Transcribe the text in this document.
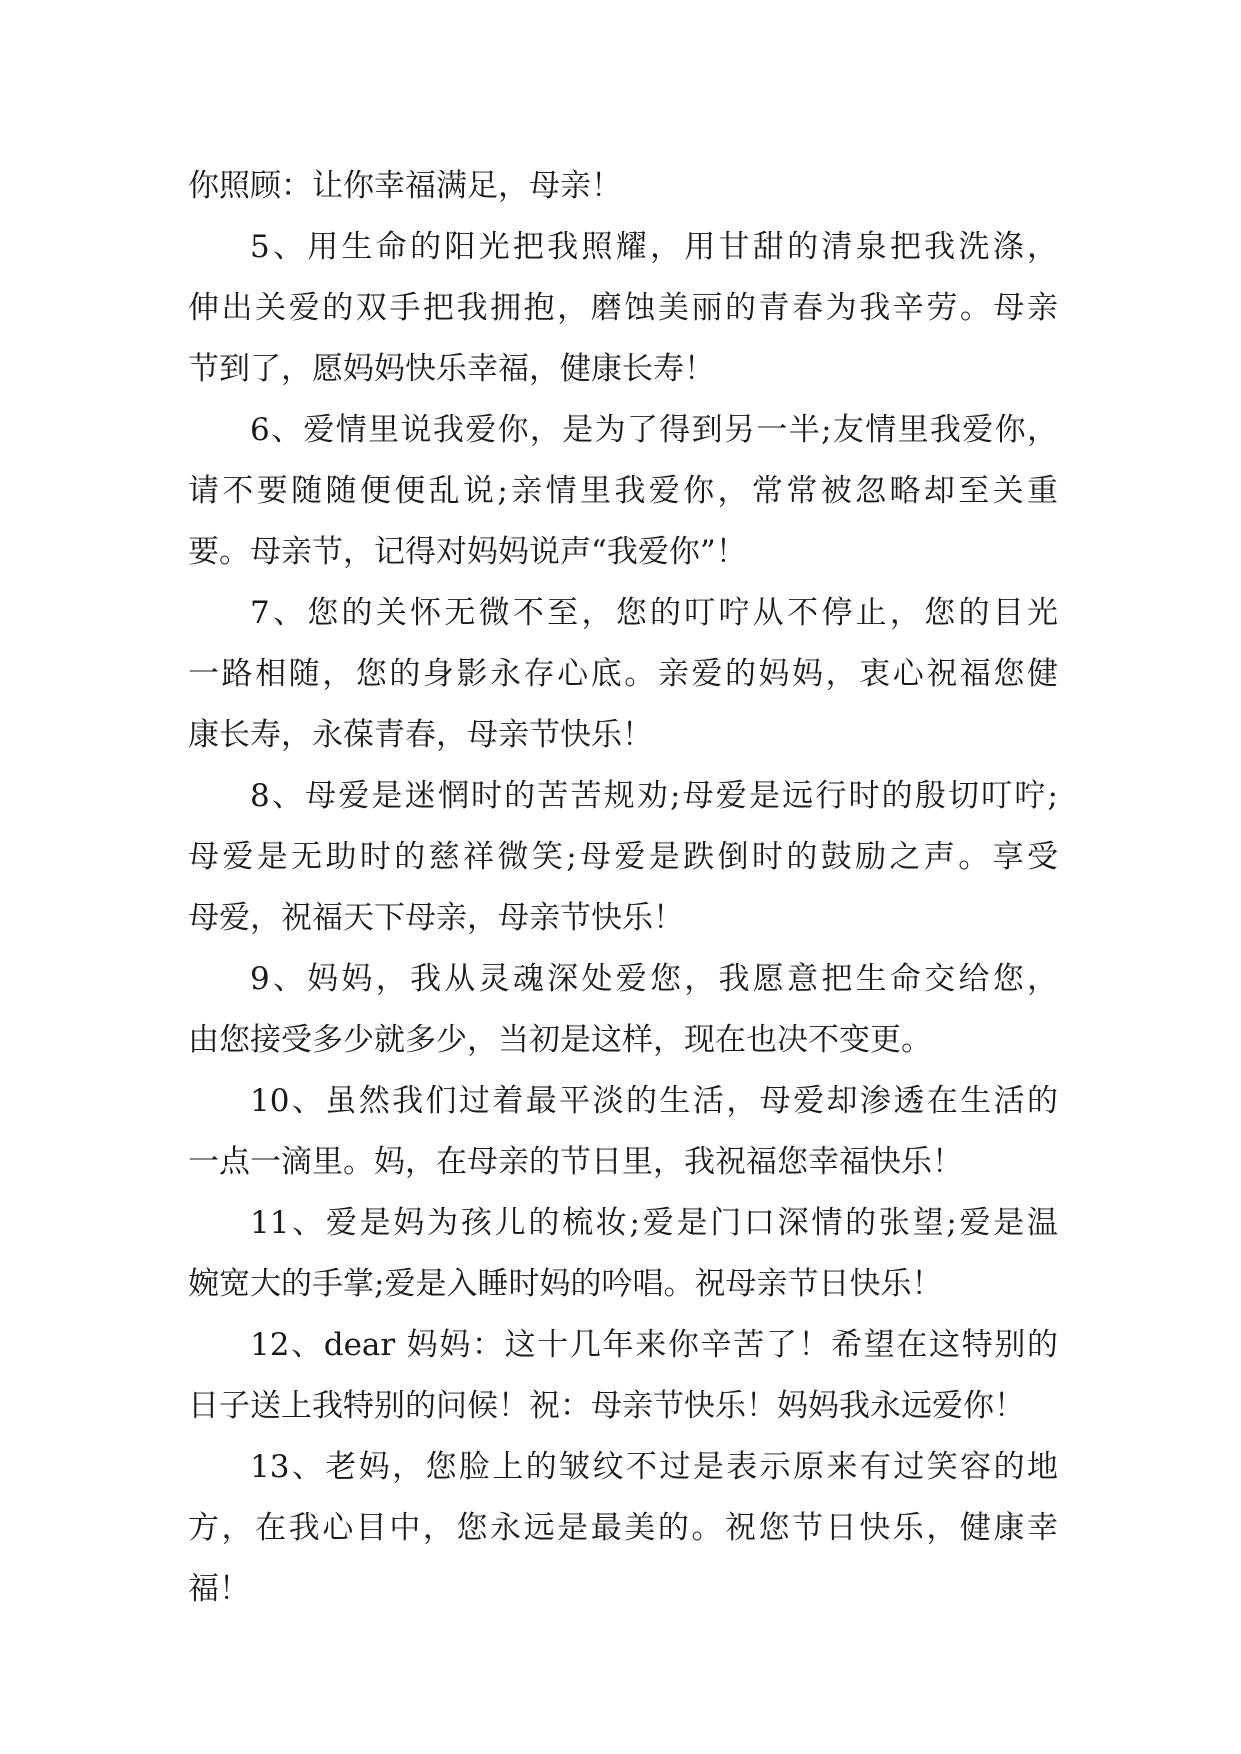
你照顾：让你幸福满足，母亲！
5、用生命的阳光把我照耀，用甘甜的清泉把我洗涤，
伸出关爱的双手把我拥抱，磨蚀美丽的青春为我辛劳。母亲
节到了，愿妈妈快乐幸福，健康长寿！
6、爱情里说我爱你，是为了得到另一半;友情里我爱你，
请不要随随便便乱说;亲情里我爱你，常常被忽略却至关重
要。母亲节，记得对妈妈说声“我爱你”！
7、您的关怀无微不至，您的叮咛从不停止，您的目光
一路相随，您的身影永存心底。亲爱的妈妈，衷心祝福您健
康长寿，永葆青春，母亲节快乐！
8、母爱是迷惘时的苦苦规劝;母爱是远行时的殷切叮咛;
母爱是无助时的慈祥微笑;母爱是跌倒时的鼓励之声。享受
母爱，祝福天下母亲，母亲节快乐！
9、妈妈，我从灵魂深处爱您，我愿意把生命交给您，
由您接受多少就多少，当初是这样，现在也决不变更。
10、虽然我们过着最平淡的生活，母爱却渗透在生活的
一点一滴里。妈，在母亲的节日里，我祝福您幸福快乐！
11、爱是妈为孩儿的梳妆;爱是门口深情的张望;爱是温
婉宽大的手掌;爱是入睡时妈的吟唱。祝母亲节日快乐！
12、dear 妈妈：这十几年来你辛苦了！希望在这特别的
日子送上我特别的问候！祝：母亲节快乐！妈妈我永远爱你！
13、老妈，您脸上的皱纹不过是表示原来有过笑容的地
方，在我心目中，您永远是最美的。祝您节日快乐，健康幸
福！
